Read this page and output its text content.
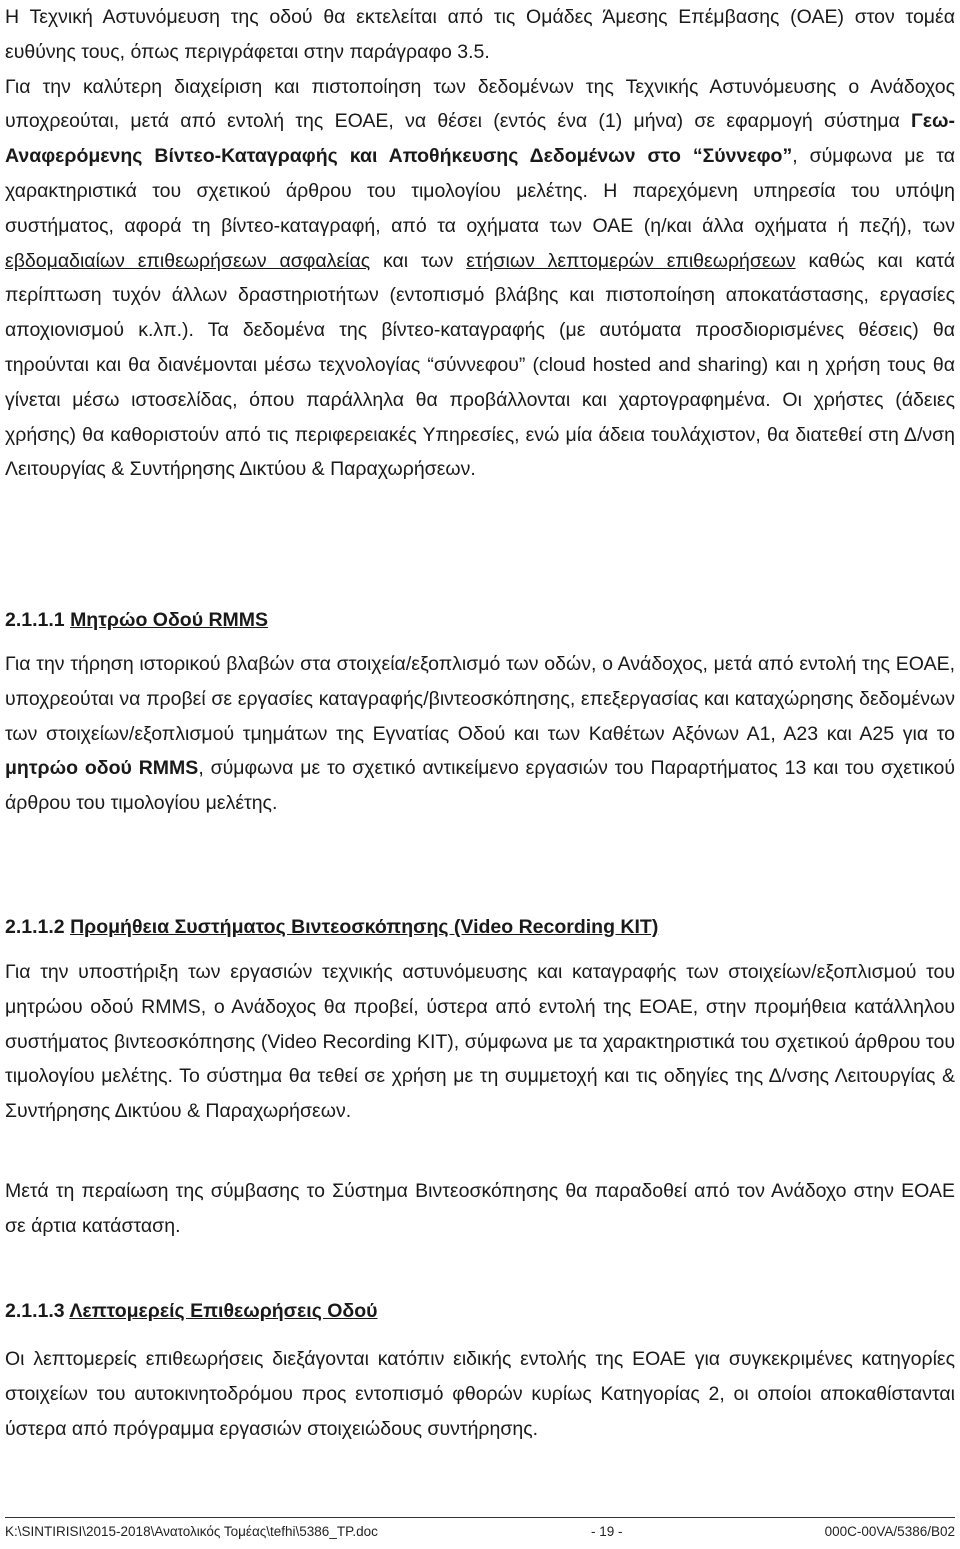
Η Τεχνική Αστυνόμευση της οδού θα εκτελείται από τις Ομάδες Άμεσης Επέμβασης (ΟΑΕ) στον τομέα ευθύνης τους, όπως περιγράφεται στην παράγραφο 3.5.

Για την καλύτερη διαχείριση και πιστοποίηση των δεδομένων της Τεχνικής Αστυνόμευσης ο Ανάδοχος υποχρεούται, μετά από εντολή της ΕΟΑΕ, να θέσει (εντός ένα (1) μήνα) σε εφαρμογή σύστημα Γεω-Αναφερόμενης Βίντεο-Καταγραφής και Αποθήκευσης Δεδομένων στο “Σύννεφο”, σύμφωνα με τα χαρακτηριστικά του σχετικού άρθρου του τιμολογίου μελέτης. Η παρεχόμενη υπηρεσία του υπόψη συστήματος, αφορά τη βίντεο-καταγραφή, από τα οχήματα των ΟΑΕ (η/και άλλα οχήματα ή πεζή), των εβδομαδιαίων επιθεωρήσεων ασφαλείας και των ετήσιων λεπτομερών επιθεωρήσεων καθώς και κατά περίπτωση τυχόν άλλων δραστηριοτήτων (εντοπισμό βλάβης και πιστοποίηση αποκατάστασης, εργασίες αποχιονισμού κ.λπ.). Τα δεδομένα της βίντεο-καταγραφής (με αυτόματα προσδιορισμένες θέσεις) θα τηρούνται και θα διανέμονται μέσω τεχνολογίας “σύννεφου” (cloud hosted and sharing) και η χρήση τους θα γίνεται μέσω ιστοσελίδας, όπου παράλληλα θα προβάλλονται και χαρτογραφημένα. Οι χρήστες (άδειες χρήσης) θα καθοριστούν από τις περιφερειακές Υπηρεσίες, ενώ μία άδεια τουλάχιστον, θα διατεθεί στη Δ/νση Λειτουργίας & Συντήρησης Δικτύου & Παραχωρήσεων.

2.1.1.1 Μητρώο Οδού RMMS

Για την τήρηση ιστορικού βλαβών στα στοιχεία/εξοπλισμό των οδών, ο Ανάδοχος, μετά από εντολή της ΕΟΑΕ, υποχρεούται να προβεί σε εργασίες καταγραφής/βιντεοσκόπησης, επεξεργασίας και καταχώρησης δεδομένων των στοιχείων/εξοπλισμού τμημάτων της Εγνατίας Οδού και των Καθέτων Αξόνων Α1, Α23 και Α25 για το μητρώο οδού RMMS, σύμφωνα με το σχετικό αντικείμενο εργασιών του Παραρτήματος 13 και του σχετικού άρθρου του τιμολογίου μελέτης.

2.1.1.2 Προμήθεια Συστήματος Βιντεοσκόπησης (Video Recording KIT)

Για την υποστήριξη των εργασιών τεχνικής αστυνόμευσης και καταγραφής των στοιχείων/εξοπλισμού του μητρώου οδού RMMS, ο Ανάδοχος θα προβεί, ύστερα από εντολή της ΕΟΑΕ, στην προμήθεια κατάλληλου συστήματος βιντεοσκόπησης (Video Recording KIT), σύμφωνα με τα χαρακτηριστικά του σχετικού άρθρου του τιμολογίου μελέτης. Το σύστημα θα τεθεί σε χρήση με τη συμμετοχή και τις οδηγίες της Δ/νσης Λειτουργίας & Συντήρησης Δικτύου & Παραχωρήσεων.

Μετά τη περαίωση της σύμβασης το Σύστημα Βιντεοσκόπησης θα παραδοθεί από τον Ανάδοχο στην ΕΟΑΕ σε άρτια κατάσταση.

2.1.1.3 Λεπτομερείς Επιθεωρήσεις Οδού

Οι λεπτομερείς επιθεωρήσεις διεξάγονται κατόπιν ειδικής εντολής της ΕΟΑΕ για συγκεκριμένες κατηγορίες στοιχείων του αυτοκινητοδρόμου προς εντοπισμό φθορών κυρίως Κατηγορίας 2, οι οποίοι αποκαθίστανται ύστερα από πρόγραμμα εργασιών στοιχειώδους συντήρησης.

K:\SINTIRISI\2015-2018\Ανατολικός Τομέας\tefhi\5386_TP.doc	- 19 -	000C-00VA/5386/B02
